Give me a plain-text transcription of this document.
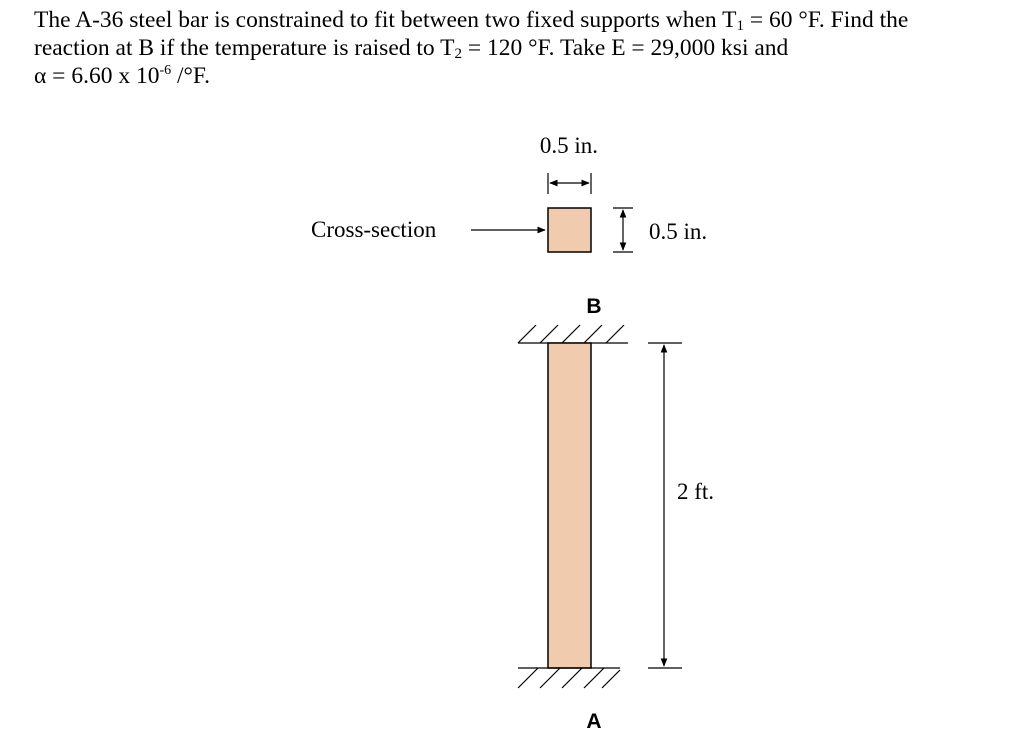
The A-36 steel bar is constrained to fit between two fixed supports when $T_1 = 60$ °F. Find the
reaction at B if the temperature is raised to $T_2 = 120$ °F. Take E = 29,000 ksi and
α = 6.60 x $10^{-6}$ /°F.
0.5 in.
Cross-section	0.5 in.
B
A
2 ft.
